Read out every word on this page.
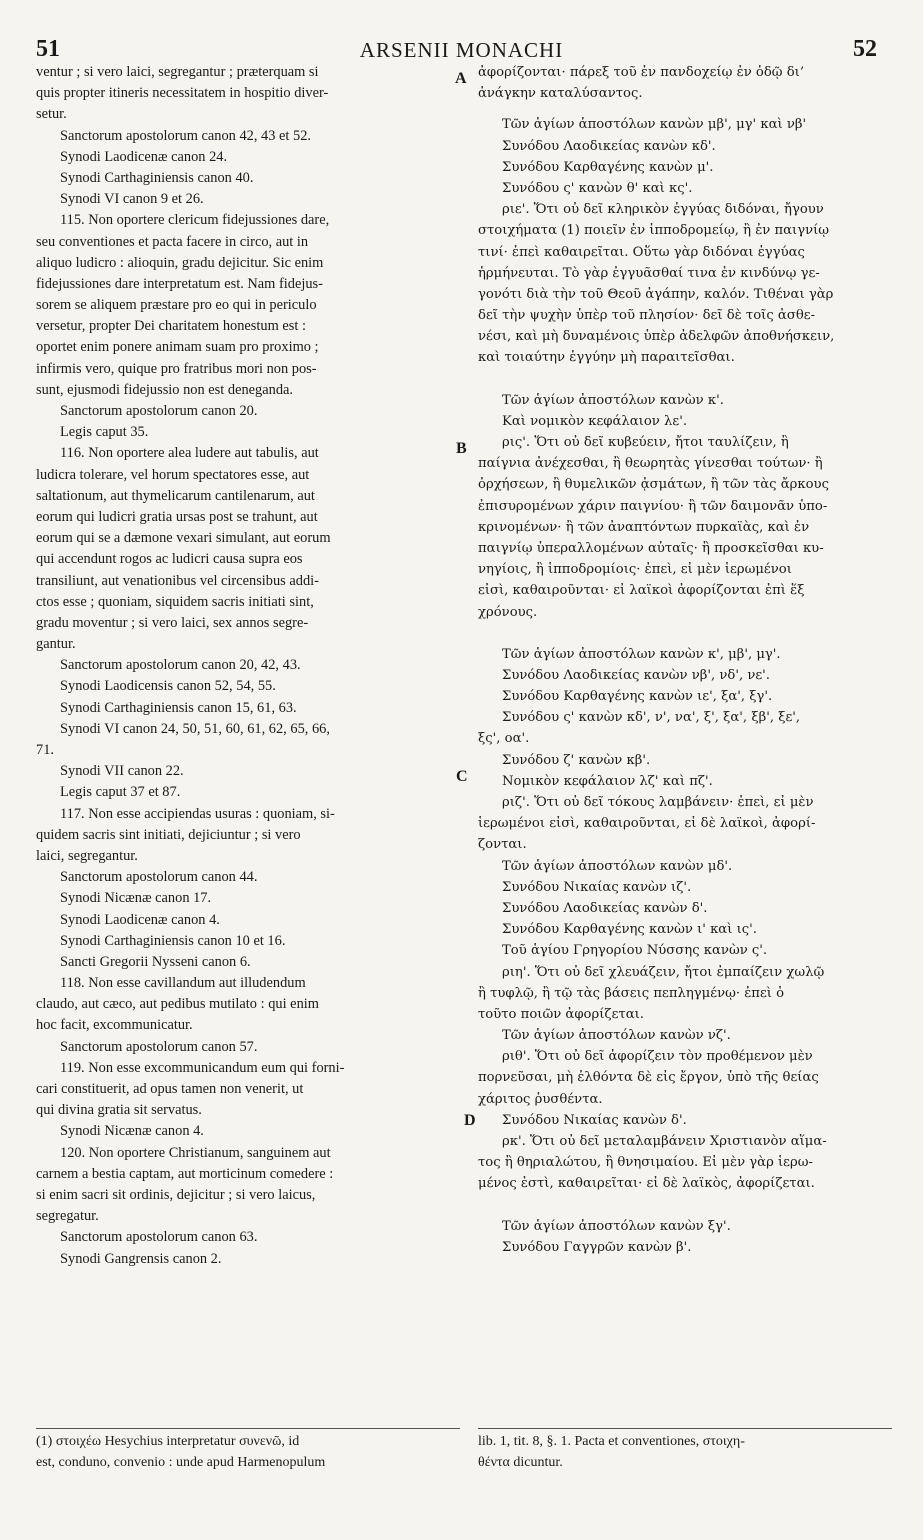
51	ARSENII MONACHI	52
A
B
C
D
ventur ; si vero laici, segregantur ; præterquam si
quis propter itineris necessitatem in hospitio diver-
setur.
Sanctorum apostolorum canon 42, 43 et 52.
Synodi Laodicenæ canon 24.
Synodi Carthaginiensis canon 40.
Synodi VI canon 9 et 26.
115. Non oportere clericum fidejussiones dare,
seu conventiones et pacta facere in circo, aut in
aliquo ludicro : alioquin, gradu dejicitur. Sic enim
fidejussiones dare interpretatum est. Nam fidejus-
sorem se aliquem præstare pro eo qui in periculo
versetur, propter Dei charitatem honestum est :
oportet enim ponere animam suam pro proximo ;
infirmis vero, quique pro fratribus mori non pos-
sunt, ejusmodi fidejussio non est deneganda.
Sanctorum apostolorum canon 20.
Legis caput 35.
116. Non oportere alea ludere aut tabulis, aut
ludicra tolerare, vel horum spectatores esse, aut
saltationum, aut thymelicarum cantilenarum, aut
eorum qui ludicri gratia ursas post se trahunt, aut
eorum qui se a dæmone vexari simulant, aut eorum
qui accendunt rogos ac ludicri causa supra eos
transiliunt, aut venationibus vel circensibus addi-
ctos esse ; quoniam, siquidem sacris initiati sint,
gradu moventur ; si vero laici, sex annos segre-
gantur.
Sanctorum apostolorum canon 20, 42, 43.
Synodi Laodicensis canon 52, 54, 55.
Synodi Carthaginiensis canon 15, 61, 63.
Synodi VI canon 24, 50, 51, 60, 61, 62, 65, 66,
71.
Synodi VII canon 22.
Legis caput 37 et 87.
117. Non esse accipiendas usuras : quoniam, si-
quidem sacris sint initiati, dejiciuntur ; si vero
laici, segregantur.
Sanctorum apostolorum canon 44.
Synodi Nicænæ canon 17.
Synodi Laodicenæ canon 4.
Synodi Carthaginiensis canon 10 et 16.
Sancti Gregorii Nysseni canon 6.
118. Non esse cavillandum aut illudendum
claudo, aut cæco, aut pedibus mutilato : qui enim
hoc facit, excommunicatur.
Sanctorum apostolorum canon 57.
119. Non esse excommunicandum eum qui forni-
cari constituerit, ad opus tamen non venerit, ut
qui divina gratia sit servatus.
Synodi Nicænæ canon 4.
120. Non oportere Christianum, sanguinem aut
carnem a bestia captam, aut morticinum comedere :
si enim sacri sit ordinis, dejicitur ; si vero laicus,
segregatur.
Sanctorum apostolorum canon 63.
Synodi Gangrensis canon 2.
ἀφορίζονται· πάρεξ τοῦ ἐν πανδοχείῳ ἐν ὁδῷ δι’
ἀνάγκην καταλύσαντος.
Τῶν ἁγίων ἀποστόλων κανὼν μβ', μγ' καὶ νβ'
Συνόδου Λαοδικείας κανὼν κδ'.
Συνόδου Καρθαγένης κανὼν μ'.
Συνόδου ς' κανὼν θ' καὶ κς'.
ριε'. Ὅτι οὐ δεῖ κληρικὸν ἐγγύας διδόναι, ἤγουν
στοιχήματα (1) ποιεῖν ἐν ἱπποδρομείῳ, ἢ ἐν παιγνίῳ
τινί· ἐπεὶ καθαιρεῖται. Οὕτω γὰρ διδόναι ἐγγύας
ἡρμήνευται. Τὸ γὰρ ἐγγυᾶσθαί τινα ἐν κινδύνῳ γε-
γονότι διὰ τὴν τοῦ Θεοῦ ἀγάπην, καλόν. Τιθέναι γὰρ
δεῖ τὴν ψυχὴν ὑπὲρ τοῦ πλησίον· δεῖ δὲ τοῖς ἀσθε-
νέσι, καὶ μὴ δυναμένοις ὑπὲρ ἀδελφῶν ἀποθνήσκειν,
καὶ τοιαύτην ἐγγύην μὴ παραιτεῖσθαι.
Τῶν ἁγίων ἀποστόλων κανὼν κ'.
Καὶ νομικὸν κεφάλαιον λε'.
ρις'. Ὅτι οὐ δεῖ κυβεύειν, ἤτοι ταυλίζειν, ἢ
παίγνια ἀνέχεσθαι, ἢ θεωρητὰς γίνεσθαι τούτων· ἢ
ὀρχήσεων, ἢ θυμελικῶν ᾀσμάτων, ἢ τῶν τὰς ἄρκους
ἐπισυρομένων χάριν παιγνίου· ἢ τῶν δαιμονᾶν ὑπο-
κρινομένων· ἢ τῶν ἀναπτόντων πυρκαϊὰς, καὶ ἐν
παιγνίῳ ὑπεραλλομένων αὐταῖς· ἢ προσκεῖσθαι κυ-
νηγίοις, ἢ ἱπποδρομίοις· ἐπεὶ, εἰ μὲν ἱερωμένοι
εἰσὶ, καθαιροῦνται· εἰ λαϊκοὶ ἀφορίζονται ἐπὶ ἕξ
χρόνους.
Τῶν ἁγίων ἀποστόλων κανὼν κ', μβ', μγ'.
Συνόδου Λαοδικείας κανὼν νβ', νδ', νε'.
Συνόδου Καρθαγένης κανὼν ιε', ξα', ξγ'.
Συνόδου ς' κανὼν κδ', ν', να', ξ', ξα', ξβ', ξε',
ξς', οα'.
Συνόδου ζ' κανὼν κβ'.
Νομικὸν κεφάλαιον λζ' καὶ πζ'.
ριζ'. Ὅτι οὐ δεῖ τόκους λαμβάνειν· ἐπεὶ, εἰ μὲν
ἱερωμένοι εἰσὶ, καθαιροῦνται, εἰ δὲ λαϊκοὶ, ἀφορί-
ζονται.
Τῶν ἁγίων ἀποστόλων κανὼν μδ'.
Συνόδου Νικαίας κανὼν ιζ'.
Συνόδου Λαοδικείας κανὼν δ'.
Συνόδου Καρθαγένης κανὼν ι' καὶ ις'.
Τοῦ ἁγίου Γρηγορίου Νύσσης κανὼν ς'.
ριη'. Ὅτι οὐ δεῖ χλευάζειν, ἤτοι ἐμπαίζειν χωλῷ
ἢ τυφλῷ, ἢ τῷ τὰς βάσεις πεπληγμένῳ· ἐπεὶ ὁ
τοῦτο ποιῶν ἀφορίζεται.
Τῶν ἁγίων ἀποστόλων κανὼν νζ'.
ριθ'. Ὅτι οὐ δεῖ ἀφορίζειν τὸν προθέμενον μὲν
πορνεῦσαι, μὴ ἐλθόντα δὲ εἰς ἔργον, ὑπὸ τῆς θείας
χάριτος ῥυσθέντα.
Συνόδου Νικαίας κανὼν δ'.
ρκ'. Ὅτι οὐ δεῖ μεταλαμβάνειν Χριστιανὸν αἵμα-
τος ἢ θηριαλώτου, ἢ θνησιμαίου. Εἰ μὲν γὰρ ἱερω-
μένος ἐστὶ, καθαιρεῖται· εἰ δὲ λαϊκὸς, ἀφορίζεται.
Τῶν ἁγίων ἀποστόλων κανὼν ξγ'.
Συνόδου Γαγγρῶν κανὼν β'.
(1) στοιχέω Hesychius interpretatur συνενῶ, id
est, conduno, convenio : unde apud Harmenopulum
lib. 1, tit. 8, §. 1. Pacta et conventiones, στοιχη-
θέντα dicuntur.
